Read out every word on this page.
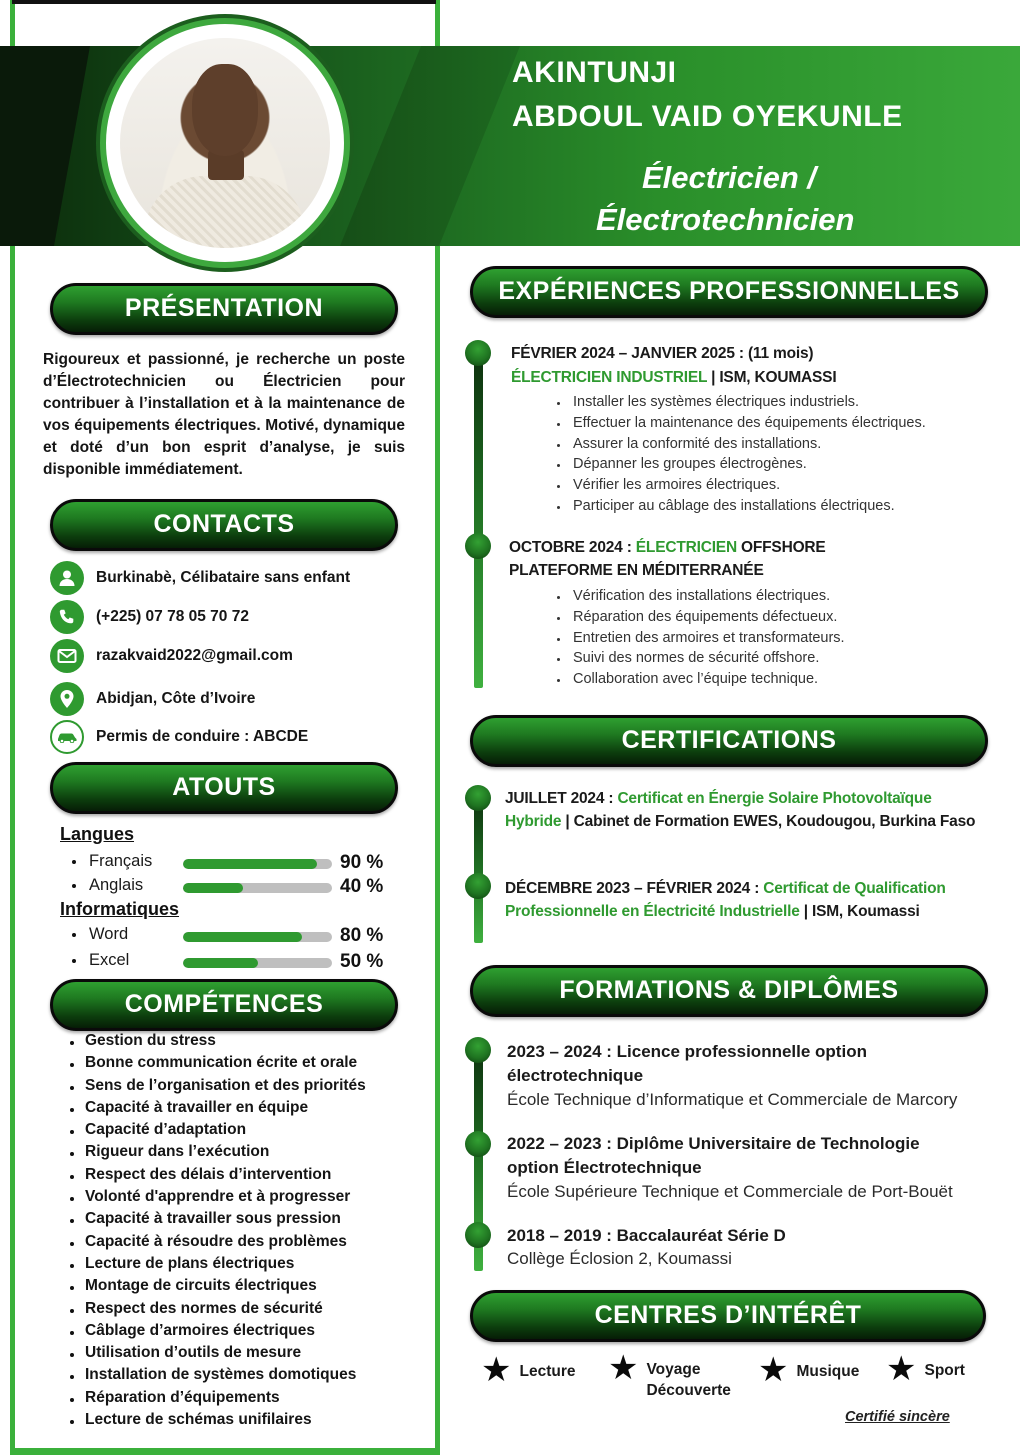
AKINTUNJI
ABDOUL VAID OYEKUNLE
Électricien /
Électrotechnicien
PRÉSENTATION
Rigoureux et passionné, je recherche un poste d’Électrotechnicien ou Électricien pour contribuer à l’installation et à la maintenance de vos équipements électriques. Motivé, dynamique et doté d’un bon esprit d’analyse, je suis disponible immédiatement.
CONTACTS
Burkinabè, Célibataire sans enfant
(+225) 07 78 05 70 72
razakvaid2022@gmail.com
Abidjan, Côte d’Ivoire
Permis de conduire : ABCDE
ATOUTS
Langues
Français	90 %
Anglais	40 %
Informatiques
Word	80 %
Excel	50 %
COMPÉTENCES
Gestion du stress
Bonne communication écrite et orale
Sens de l’organisation et des priorités
Capacité à travailler en équipe
Capacité d’adaptation
Rigueur dans l’exécution
Respect des délais d’intervention
Volonté d'apprendre et à progresser
Capacité à travailler sous pression
Capacité à résoudre des problèmes
Lecture de plans électriques
Montage de circuits électriques
Respect des normes de sécurité
Câblage d’armoires électriques
Utilisation d’outils de mesure
Installation de systèmes domotiques
Réparation d’équipements
Lecture de schémas unifilaires
EXPÉRIENCES PROFESSIONNELLES
FÉVRIER 2024 – JANVIER 2025 : (11 mois)
ÉLECTRICIEN INDUSTRIEL | ISM, KOUMASSI
Installer les systèmes électriques industriels.
Effectuer la maintenance des équipements électriques.
Assurer la conformité des installations.
Dépanner les groupes électrogènes.
Vérifier les armoires électriques.
Participer au câblage des installations électriques.
OCTOBRE 2024 : ÉLECTRICIEN OFFSHORE
PLATEFORME EN MÉDITERRANÉE
Vérification des installations électriques.
Réparation des équipements défectueux.
Entretien des armoires et transformateurs.
Suivi des normes de sécurité offshore.
Collaboration avec l’équipe technique.
CERTIFICATIONS
JUILLET 2024 : Certificat en Énergie Solaire Photovoltaïque Hybride | Cabinet de Formation EWES, Koudougou, Burkina Faso
DÉCEMBRE 2023 – FÉVRIER 2024 : Certificat de Qualification Professionnelle en Électricité Industrielle | ISM, Koumassi
FORMATIONS & DIPLÔMES
2023 – 2024 : Licence professionnelle option électrotechnique
École Technique d’Informatique et Commerciale de Marcory
2022 – 2023 : Diplôme Universitaire de Technologie option Électrotechnique
École Supérieure Technique et Commerciale de Port-Bouët
2018 – 2019 : Baccalauréat Série D
Collège Éclosion 2, Koumassi
CENTRES D’INTÉRÊT
★ Lecture ★ Voyage
Découverte
★ Musique ★ Sport
Certifié sincère
